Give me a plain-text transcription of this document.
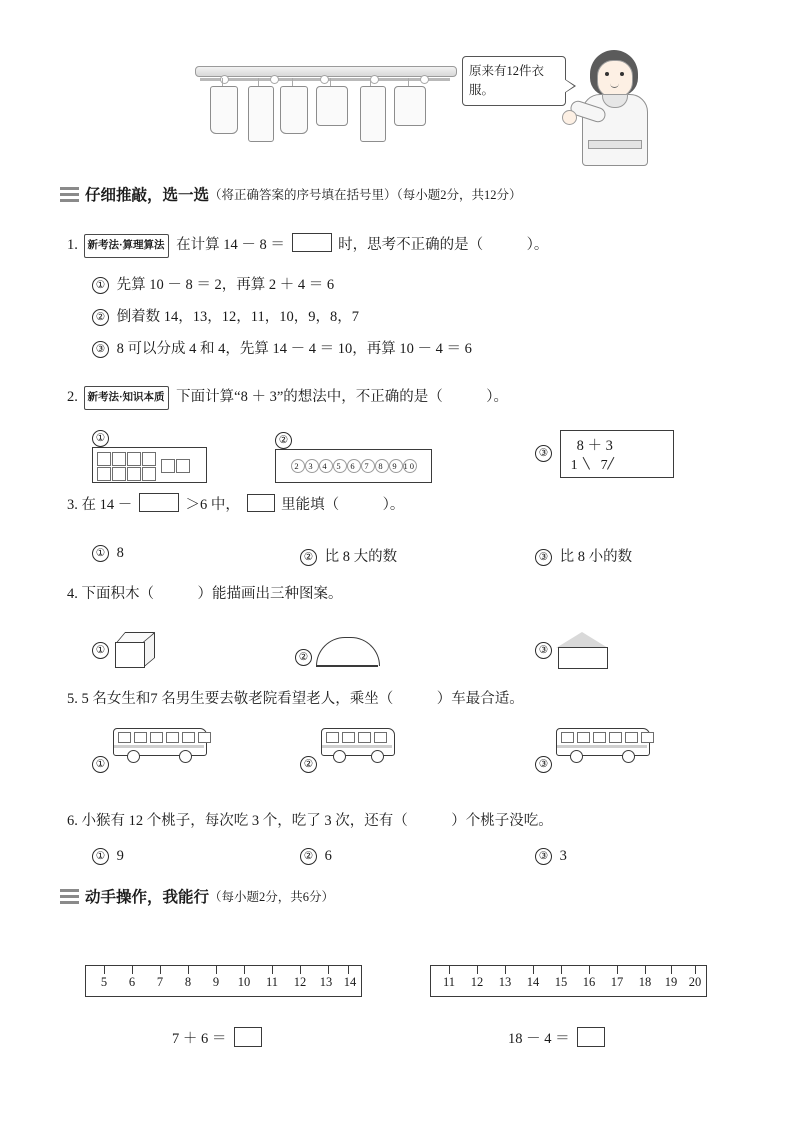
原来有12件衣服。
仔细推敲，选一选 （将正确答案的序号填在括号里）（每小题2分，共12分）
1. 新考法·算理算法 在计算 14 － 8 ＝	时，思考不正确的是（　　　）。
① 先算 10 － 8 ＝ 2，再算 2 ＋ 4 ＝ 6
② 倒着数 14，13，12，11，10，9，8，7
③ 8 可以分成 4 和 4，先算 14 － 4 ＝ 10，再算 10 － 4 ＝ 6
2. 新考法·知识本质 下面计算“8 ＋ 3”的想法中，不正确的是（　　　）。
①	②
2 3 4 5 6 7 8 9 10
③ 8 ＋ 3
1 7
3. 在 14 －	＞6 中，	里能填（　　　）。
① 8	② 比 8 大的数	③ 比 8 小的数
4. 下面积木（　　　）能描画出三种图案。
①
②
③
5. 5 名女生和7 名男生要去敬老院看望老人，乘坐（　　　）车最合适。
①	②	③
6. 小猴有 12 个桃子，每次吃 3 个，吃了 3 次，还有（　　　）个桃子没吃。
① 9	② 6	③ 3
动手操作，我能行 （每小题2分，共6分）
5 6 7 8 9 10 11 12 13 14
7 ＋ 6 ＝
11 12 13 14 15 16 17 18 19 20
18 － 4 ＝
